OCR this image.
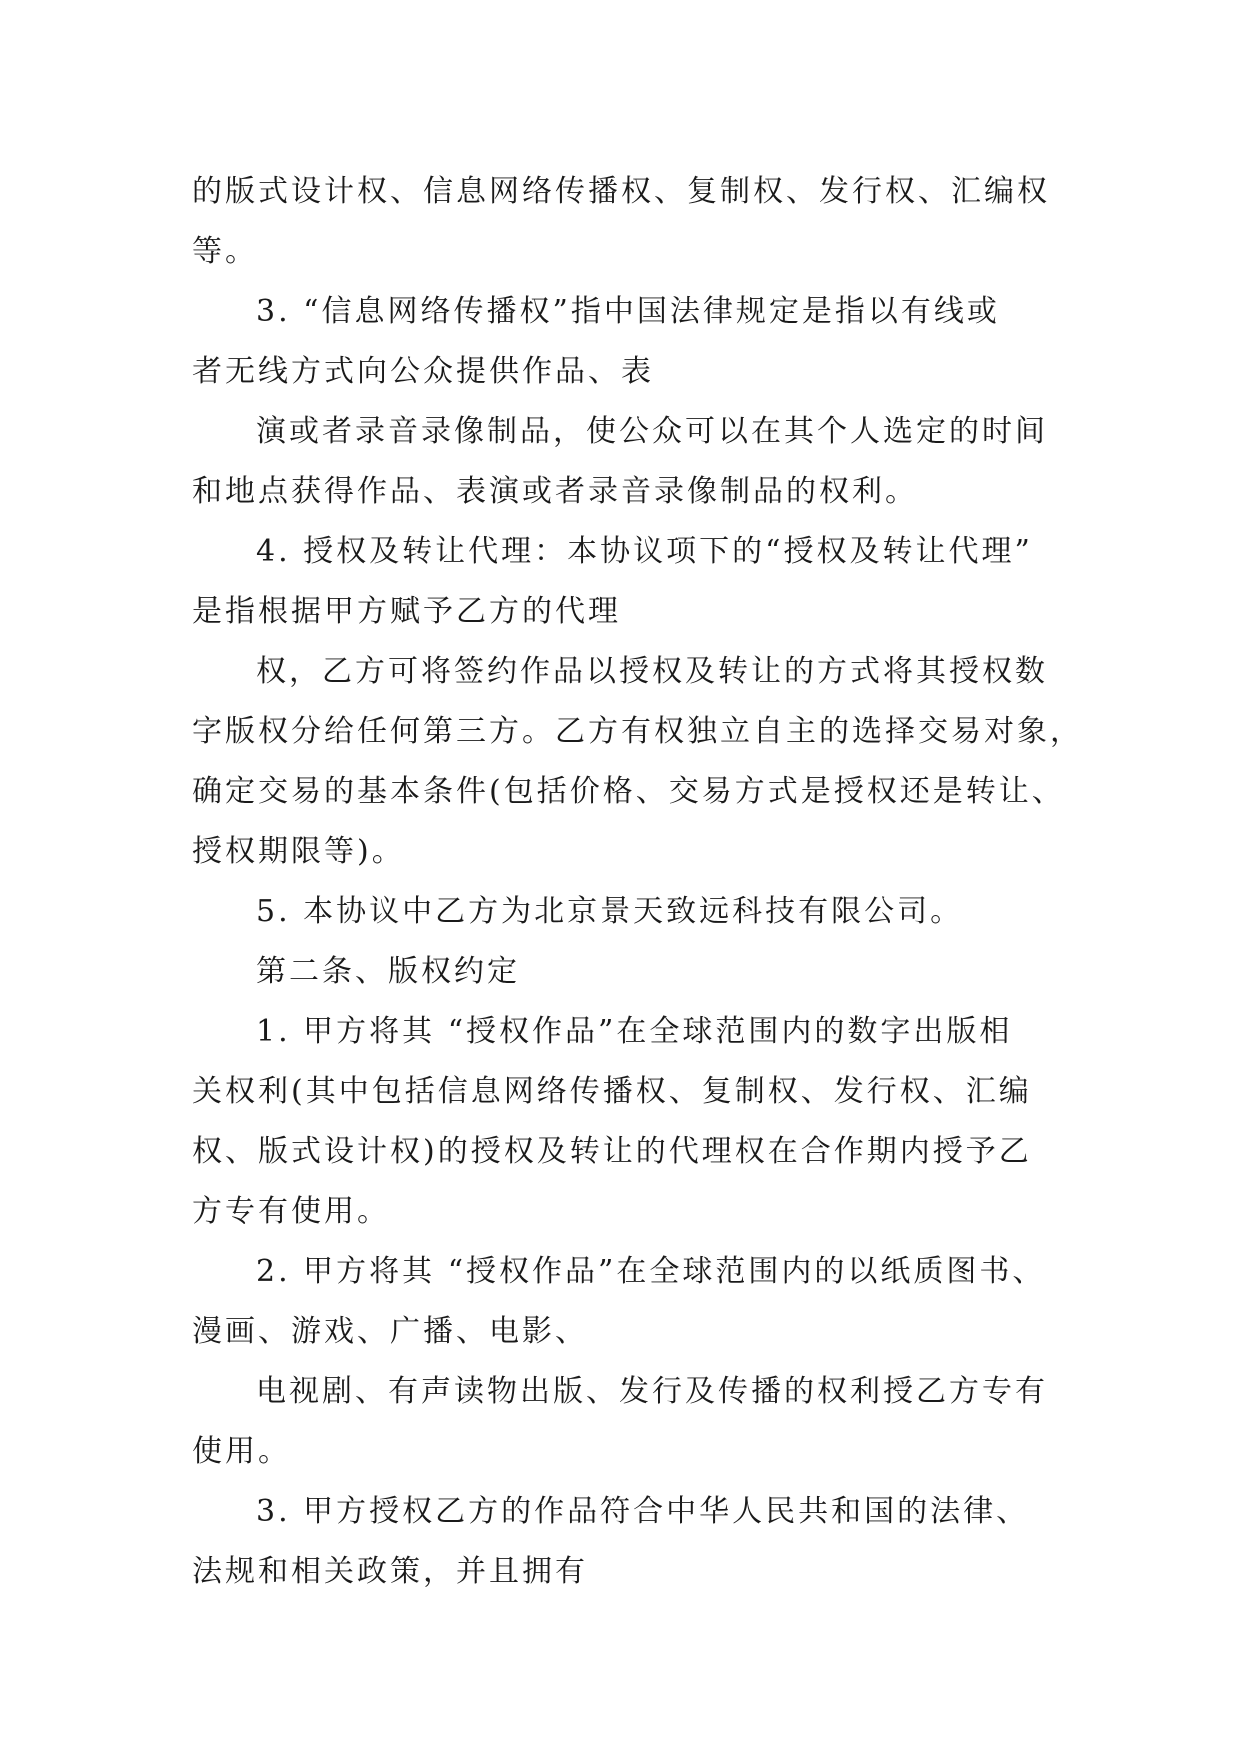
的版式设计权、信息网络传播权、复制权、发行权、汇编权
等。
3. “信息网络传播权”指中国法律规定是指以有线或
者无线方式向公众提供作品、表
演或者录音录像制品，使公众可以在其个人选定的时间
和地点获得作品、表演或者录音录像制品的权利。
4. 授权及转让代理：本协议项下的“授权及转让代理”
是指根据甲方赋予乙方的代理
权，乙方可将签约作品以授权及转让的方式将其授权数
字版权分给任何第三方。乙方有权独立自主的选择交易对象，
确定交易的基本条件(包括价格、交易方式是授权还是转让、
授权期限等)。
5. 本协议中乙方为北京景天致远科技有限公司。
第二条、版权约定
1. 甲方将其 “授权作品”在全球范围内的数字出版相
关权利(其中包括信息网络传播权、复制权、发行权、汇编
权、版式设计权)的授权及转让的代理权在合作期内授予乙
方专有使用。
2. 甲方将其 “授权作品”在全球范围内的以纸质图书、
漫画、游戏、广播、电影、
电视剧、有声读物出版、发行及传播的权利授乙方专有
使用。
3. 甲方授权乙方的作品符合中华人民共和国的法律、
法规和相关政策，并且拥有
